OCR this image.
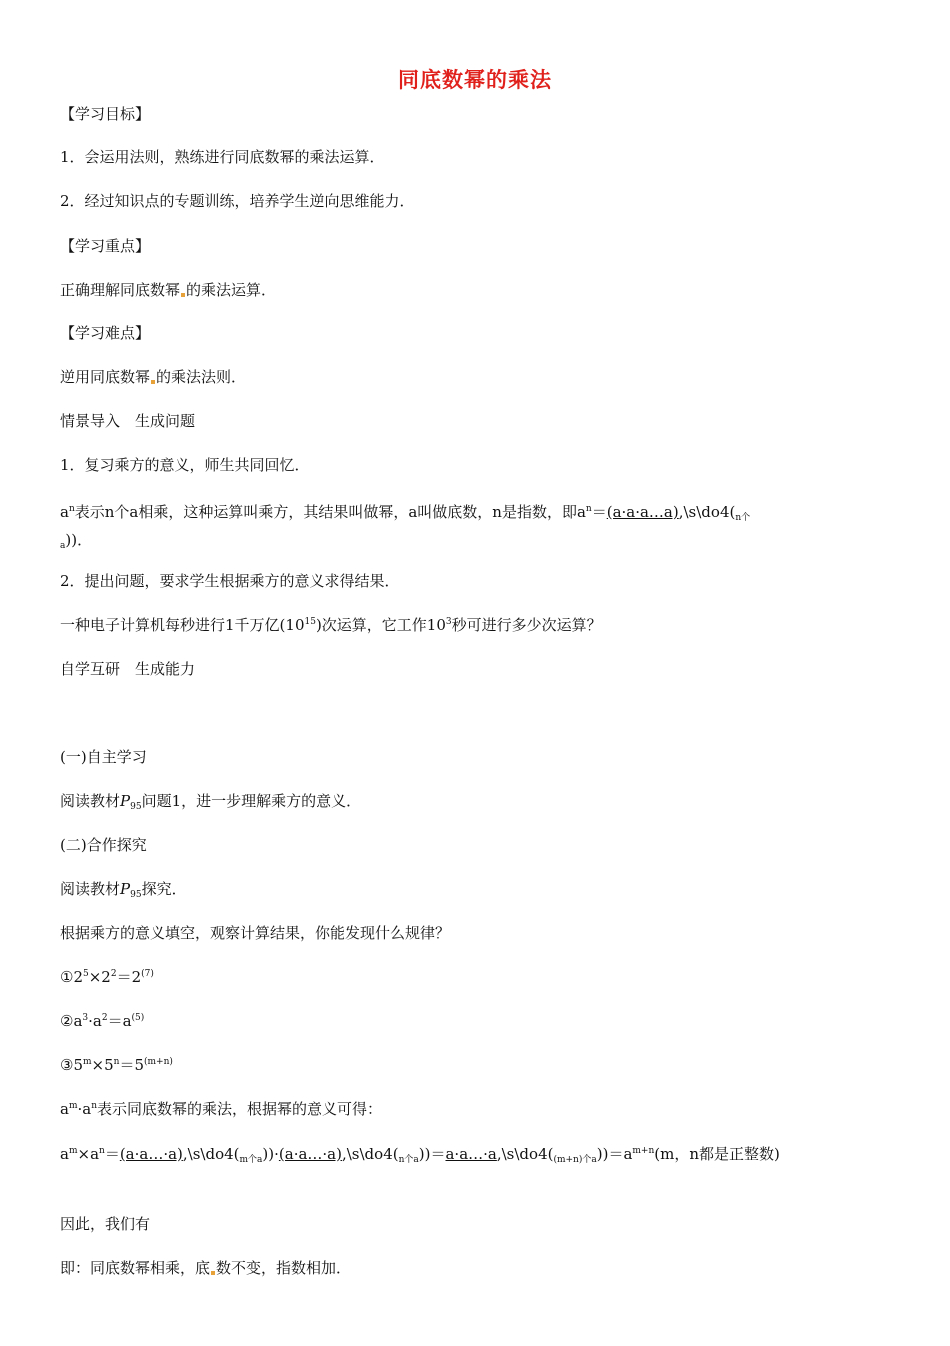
同底数幂的乘法
【学习目标】
1．会运用法则，熟练进行同底数幂的乘法运算．
2．经过知识点的专题训练，培养学生逆向思维能力．
【学习重点】
正确理解同底数幂 的乘法运算．
【学习难点】
逆用同底数幂 的乘法法则．
情景导入　生成问题
1．复习乘方的意义，师生共同回忆．
$a^n$表示n个a相乘，这种运算叫乘方，其结果叫做幂，a叫做底数，n是指数，即$a^n=(a\cdot a\cdot a\dots a),\backslash s\backslash do4(_{n个}$
$_a$))．
2．提出问题，要求学生根据乘方的意义求得结果．
一种电子计算机每秒进行1千万亿$(10^{15})$次运算，它工作$10^3$秒可进行多少次运算？
自学互研　生成能力
(一)自主学习
阅读教材$P_{95}$问题1，进一步理解乘方的意义．
(二)合作探究
阅读教材$P_{95}$探究．
根据乘方的意义填空，观察计算结果，你能发现什么规律？
$①2^5\times 2^2=2^{(7)}$
$②a^3\cdot a^2=a^{(5)}$
$③5^m\times 5^n=5^{(m+n)}$
$a^m\cdot a^n$表示同底数幂的乘法，根据幂的意义可得：
$a^m\times a^n=(a\cdot a\dots\cdot a),\backslash s\backslash do4(_{m个a}))\cdot(a\cdot a\dots\cdot a),\backslash s\backslash do4(_{n个a}))=a\cdot a\dots\cdot a,\backslash s\backslash do4(_{(m+n)个a}))=a^{m+n}(m$，n都是正整数)
因此，我们有
即：同底数幂相乘，底 数不变，指数相加．
